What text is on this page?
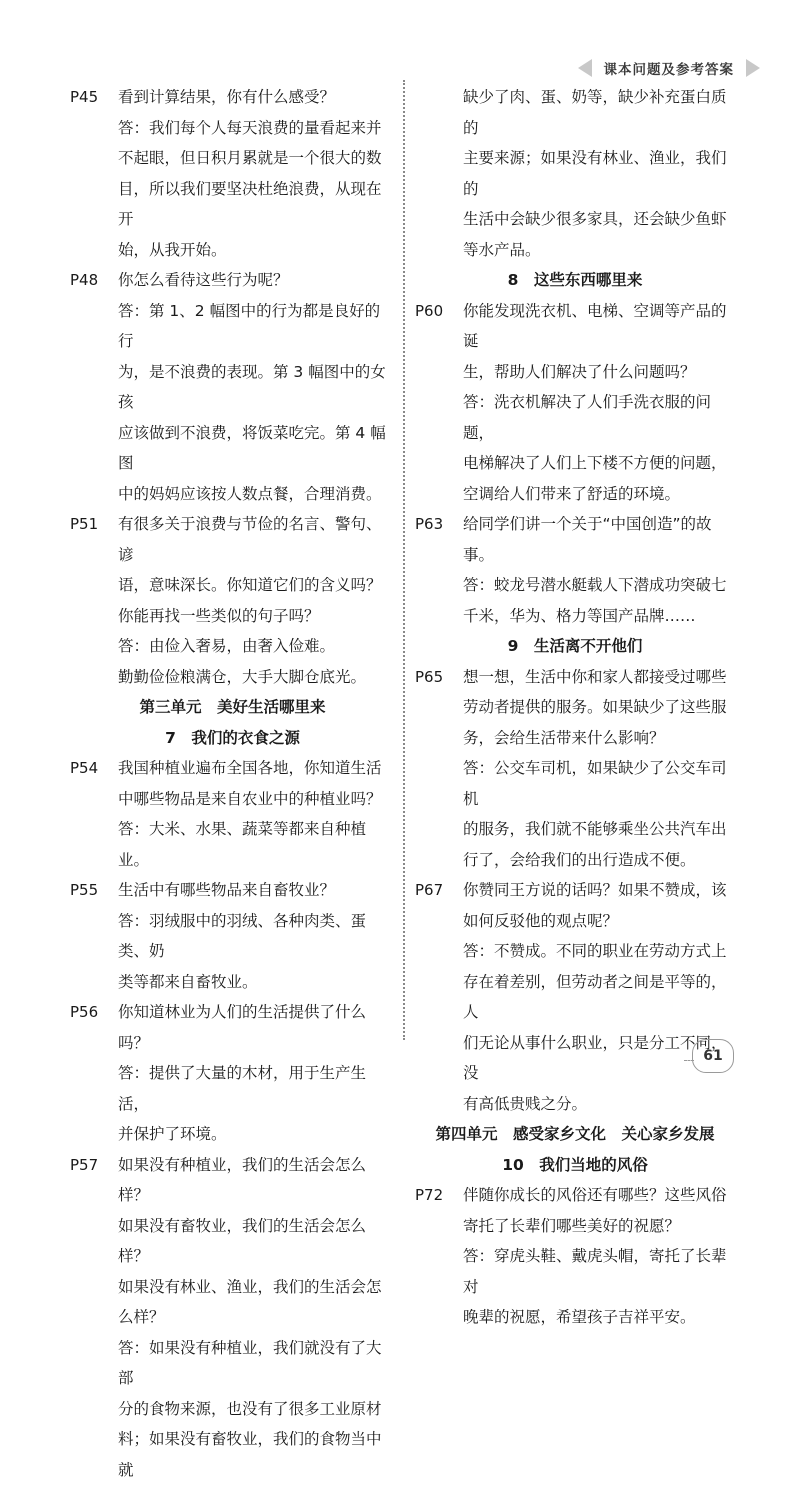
课本问题及参考答案
P45	看到计算结果，你有什么感受？
答：我们每个人每天浪费的量看起来并
不起眼，但日积月累就是一个很大的数
目，所以我们要坚决杜绝浪费，从现在开
始，从我开始。
P48	你怎么看待这些行为呢？
答：第 1、2 幅图中的行为都是良好的行
为，是不浪费的表现。第 3 幅图中的女孩
应该做到不浪费，将饭菜吃完。第 4 幅图
中的妈妈应该按人数点餐，合理消费。
P51	有很多关于浪费与节俭的名言、警句、谚
语，意味深长。你知道它们的含义吗？
你能再找一些类似的句子吗？
答：由俭入奢易，由奢入俭难。
勤勤俭俭粮满仓，大手大脚仓底光。
第三单元　美好生活哪里来
7　我们的衣食之源
P54	我国种植业遍布全国各地，你知道生活
中哪些物品是来自农业中的种植业吗？
答：大米、水果、蔬菜等都来自种植业。
P55	生活中有哪些物品来自畜牧业？
答：羽绒服中的羽绒、各种肉类、蛋类、奶
类等都来自畜牧业。
P56	你知道林业为人们的生活提供了什么吗？
答：提供了大量的木材，用于生产生活，
并保护了环境。
P57	如果没有种植业，我们的生活会怎么样？
如果没有畜牧业，我们的生活会怎么样？
如果没有林业、渔业，我们的生活会怎
么样？
答：如果没有种植业，我们就没有了大部
分的食物来源，也没有了很多工业原材
料；如果没有畜牧业，我们的食物当中就
缺少了肉、蛋、奶等，缺少补充蛋白质的
主要来源；如果没有林业、渔业，我们的
生活中会缺少很多家具，还会缺少鱼虾
等水产品。
8　这些东西哪里来
P60	你能发现洗衣机、电梯、空调等产品的诞
生，帮助人们解决了什么问题吗？
答：洗衣机解决了人们手洗衣服的问题，
电梯解决了人们上下楼不方便的问题，
空调给人们带来了舒适的环境。
P63	给同学们讲一个关于“中国创造”的故事。
答：蛟龙号潜水艇载人下潜成功突破七
千米，华为、格力等国产品牌……
9　生活离不开他们
P65	想一想，生活中你和家人都接受过哪些
劳动者提供的服务。如果缺少了这些服
务，会给生活带来什么影响？
答：公交车司机，如果缺少了公交车司机
的服务，我们就不能够乘坐公共汽车出
行了，会给我们的出行造成不便。
P67	你赞同王方说的话吗？如果不赞成，该
如何反驳他的观点呢？
答：不赞成。不同的职业在劳动方式上
存在着差别，但劳动者之间是平等的，人
们无论从事什么职业，只是分工不同，没
有高低贵贱之分。
第四单元　感受家乡文化　关心家乡发展
10　我们当地的风俗
P72	伴随你成长的风俗还有哪些？这些风俗
寄托了长辈们哪些美好的祝愿？
答：穿虎头鞋、戴虎头帽，寄托了长辈对
晚辈的祝愿，希望孩子吉祥平安。
61
